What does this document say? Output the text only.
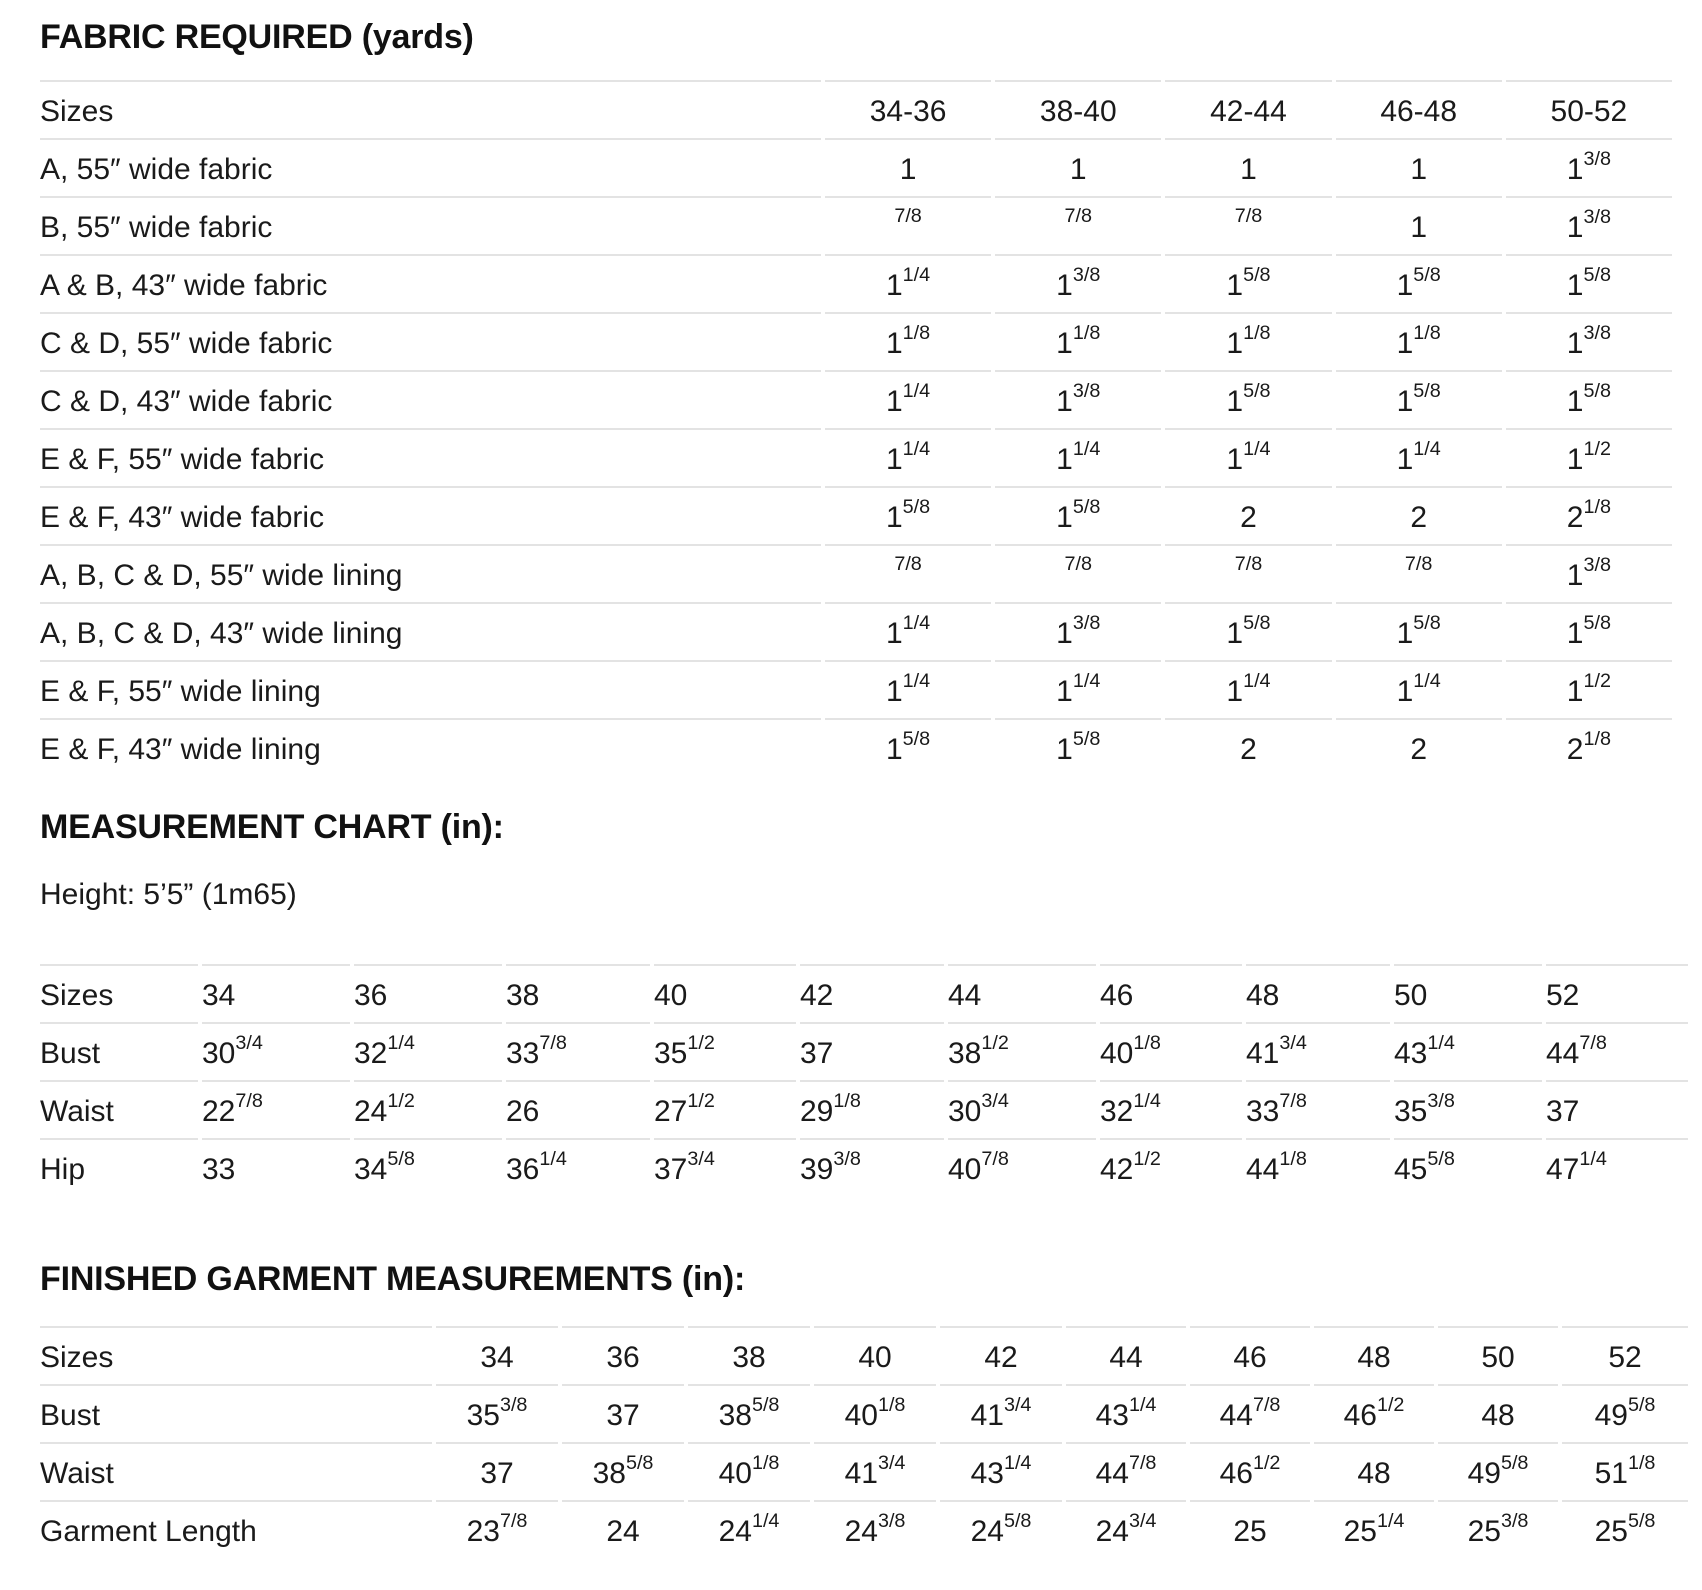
FABRIC REQUIRED (yards)
Sizes	34-36	38-40	42-44	46-48	50-52
A, 55″ wide fabric	1	1	1	1	$1^{3/8}$
B, 55″ wide fabric	7/8	7/8	7/8	1	$1^{3/8}$
A & B, 43″ wide fabric	$1^{1/4}$	$1^{3/8}$	$1^{5/8}$	$1^{5/8}$	$1^{5/8}$
C & D, 55″ wide fabric	$1^{1/8}$	$1^{1/8}$	$1^{1/8}$	$1^{1/8}$	$1^{3/8}$
C & D, 43″ wide fabric	$1^{1/4}$	$1^{3/8}$	$1^{5/8}$	$1^{5/8}$	$1^{5/8}$
E & F, 55″ wide fabric	$1^{1/4}$	$1^{1/4}$	$1^{1/4}$	$1^{1/4}$	$1^{1/2}$
E & F, 43″ wide fabric	$1^{5/8}$	$1^{5/8}$	2	2	$2^{1/8}$
A, B, C & D, 55″ wide lining	7/8	7/8	7/8	7/8	$1^{3/8}$
A, B, C & D, 43″ wide lining	$1^{1/4}$	$1^{3/8}$	$1^{5/8}$	$1^{5/8}$	$1^{5/8}$
E & F, 55″ wide lining	$1^{1/4}$	$1^{1/4}$	$1^{1/4}$	$1^{1/4}$	$1^{1/2}$
E & F, 43″ wide lining	$1^{5/8}$	$1^{5/8}$	2	2	$2^{1/8}$
MEASUREMENT CHART (in):

Height: 5’5” (1m65)

Sizes	34	36	38	40	42	44	46	48	50	52
Bust	$30^{3/4}$	$32^{1/4}$	$33^{7/8}$	$35^{1/2}$	37	$38^{1/2}$	$40^{1/8}$	$41^{3/4}$	$43^{1/4}$	$44^{7/8}$
Waist	$22^{7/8}$	$24^{1/2}$	26	$27^{1/2}$	$29^{1/8}$	$30^{3/4}$	$32^{1/4}$	$33^{7/8}$	$35^{3/8}$	37
Hip	33	$34^{5/8}$	$36^{1/4}$	$37^{3/4}$	$39^{3/8}$	$40^{7/8}$	$42^{1/2}$	$44^{1/8}$	$45^{5/8}$	$47^{1/4}$
FINISHED GARMENT MEASUREMENTS (in):
Sizes	34	36	38	40	42	44	46	48	50	52
Bust	$35^{3/8}$	37	$38^{5/8}$	$40^{1/8}$	$41^{3/4}$	$43^{1/4}$	$44^{7/8}$	$46^{1/2}$	48	$49^{5/8}$
Waist	37	$38^{5/8}$	$40^{1/8}$	$41^{3/4}$	$43^{1/4}$	$44^{7/8}$	$46^{1/2}$	48	$49^{5/8}$	$51^{1/8}$
Garment Length	$23^{7/8}$	24	$24^{1/4}$	$24^{3/8}$	$24^{5/8}$	$24^{3/4}$	25	$25^{1/4}$	$25^{3/8}$	$25^{5/8}$
